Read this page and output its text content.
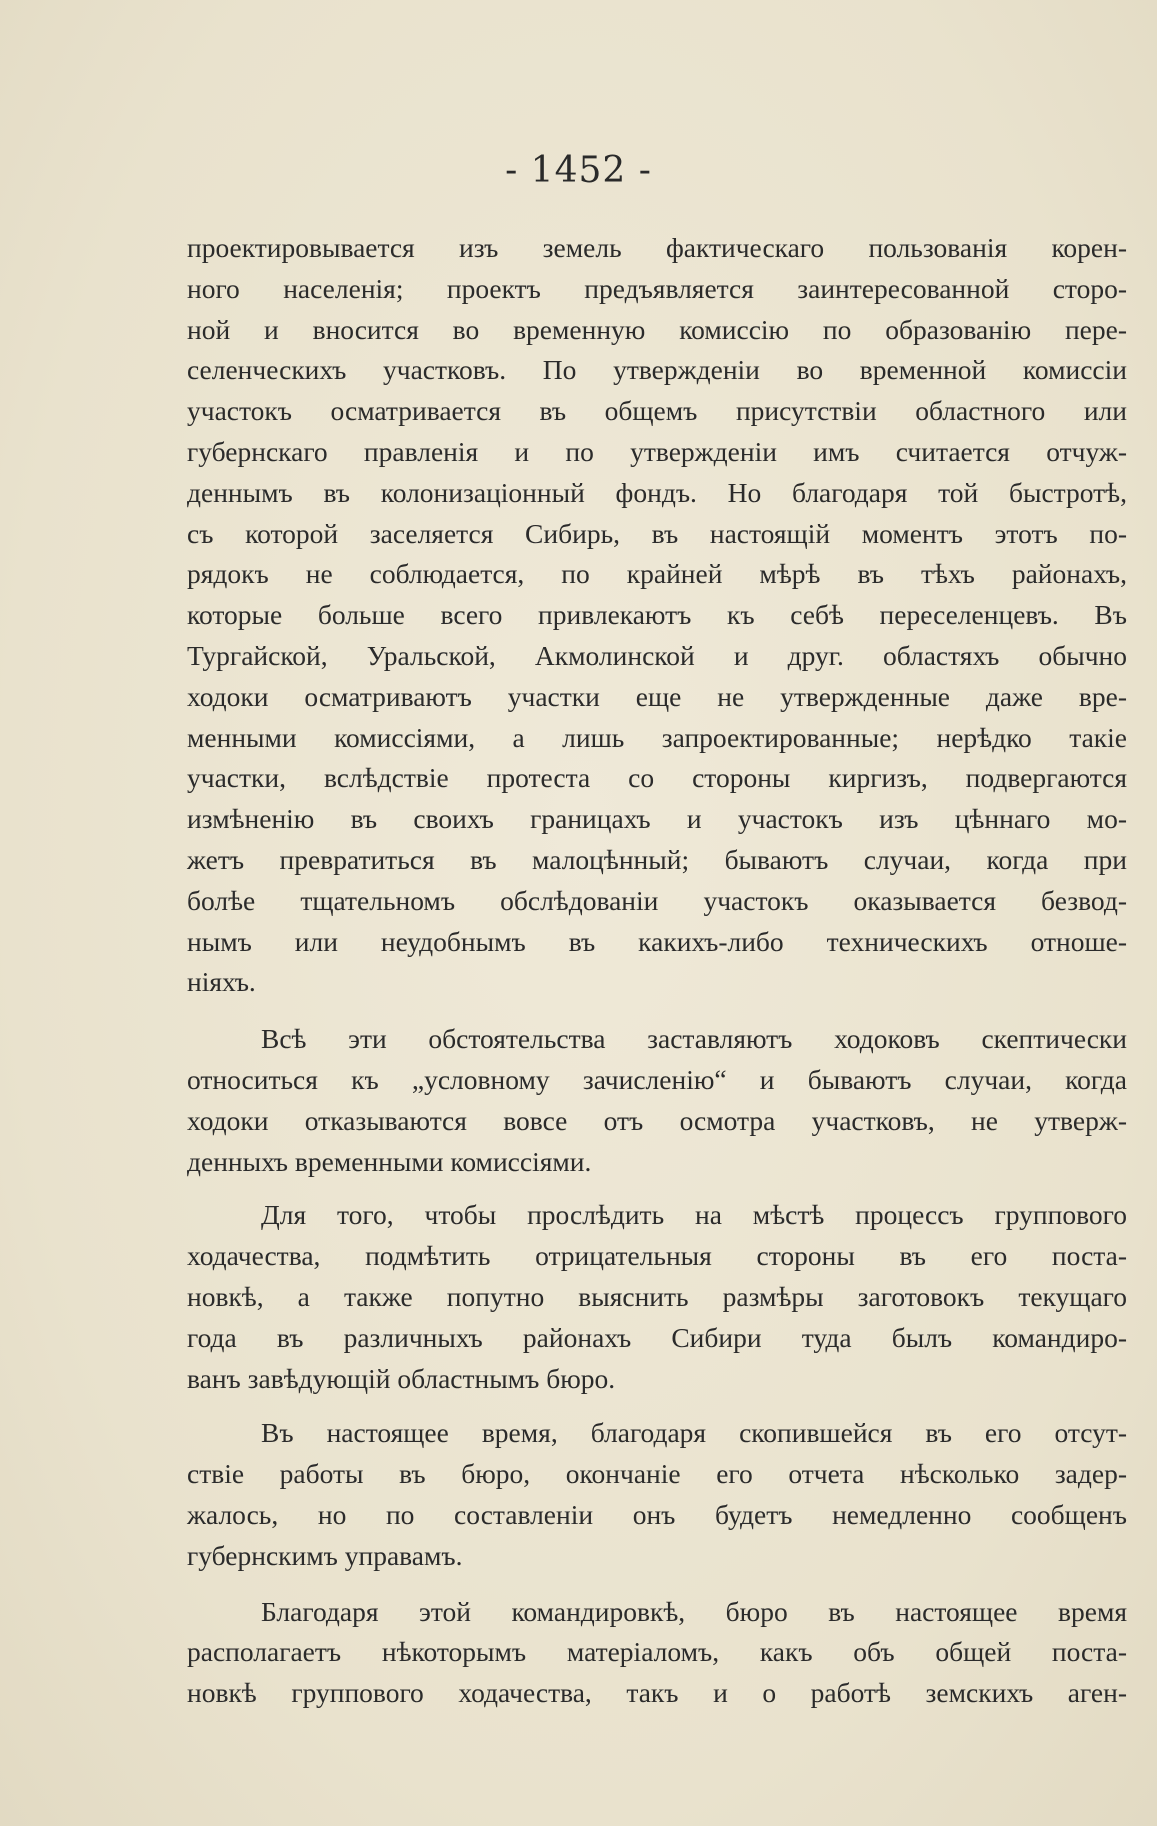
- 1452 -
проектировывается изъ земель фактическаго пользованія корен-
ного населенія; проектъ предъявляется заинтересованной сторо-
ной и вносится во временную комиссію по образованію пере-
селенческихъ участковъ. По утвержденіи во временной комиссіи
участокъ осматривается въ общемъ присутствіи областного или
губернскаго правленія и по утвержденіи имъ считается отчуж-
деннымъ въ колонизаціонный фондъ. Но благодаря той быстротѣ,
съ которой заселяется Сибирь, въ настоящій моментъ этотъ по-
рядокъ не соблюдается, по крайней мѣрѣ въ тѣхъ районахъ,
которые больше всего привлекаютъ къ себѣ переселенцевъ. Въ
Тургайской, Уральской, Акмолинской и друг. областяхъ обычно
ходоки осматриваютъ участки еще не утвержденные даже вре-
менными комиссіями, а лишь запроектированные; нерѣдко такіе
участки, вслѣдствіе протеста со стороны киргизъ, подвергаются
измѣненію въ своихъ границахъ и участокъ изъ цѣннаго мо-
жетъ превратиться въ малоцѣнный; бываютъ случаи, когда при
болѣе тщательномъ обслѣдованіи участокъ оказывается безвод-
нымъ или неудобнымъ въ какихъ-либо техническихъ отноше-
ніяхъ.
Всѣ эти обстоятельства заставляютъ ходоковъ скептически
относиться къ „условному зачисленію“ и бываютъ случаи, когда
ходоки отказываются вовсе отъ осмотра участковъ, не утверж-
денныхъ временными комиссіями.
Для того, чтобы прослѣдить на мѣстѣ процессъ группового
ходачества, подмѣтить отрицательныя стороны въ его поста-
новкѣ, а также попутно выяснить размѣры заготовокъ текущаго
года въ различныхъ районахъ Сибири туда былъ командиро-
ванъ завѣдующій областнымъ бюро.
Въ настоящее время, благодаря скопившейся въ его отсут-
ствіе работы въ бюро, окончаніе его отчета нѣсколько задер-
жалось, но по составленіи онъ будетъ немедленно сообщенъ
губернскимъ управамъ.
Благодаря этой командировкѣ, бюро въ настоящее время
располагаетъ нѣкоторымъ матеріаломъ, какъ объ общей поста-
новкѣ группового ходачества, такъ и о работѣ земскихъ аген-
